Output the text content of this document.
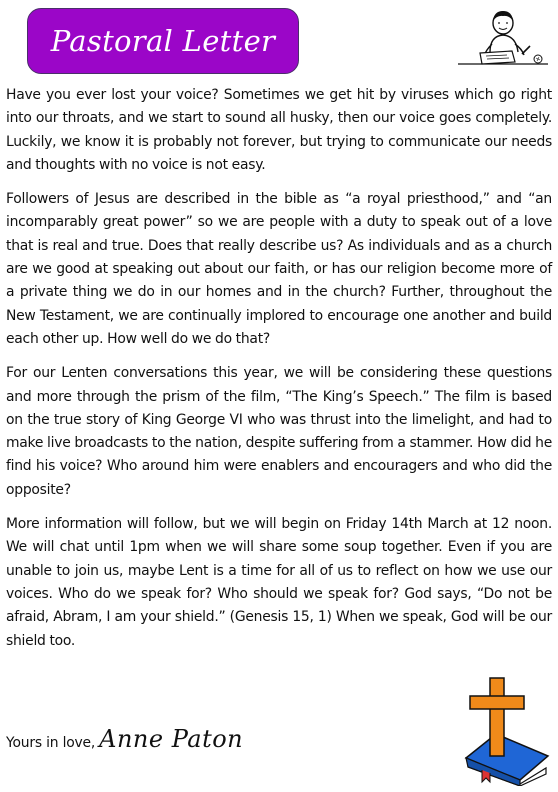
Pastoral Letter

Have you ever lost your voice? Sometimes we get hit by viruses which go right into our throats, and we start to sound all husky, then our voice goes completely. Luckily, we know it is probably not forever, but trying to communicate our needs and thoughts with no voice is not easy.

Followers of Jesus are described in the bible as “a royal priesthood,” and “an incomparably great power” so we are people with a duty to speak out of a love that is real and true. Does that really describe us? As individuals and as a church are we good at speaking out about our faith, or has our religion become more of a private thing we do in our homes and in the church? Further, throughout the New Testament, we are continually implored to encourage one another and build each other up. How well do we do that?

For our Lenten conversations this year, we will be considering these questions and more through the prism of the film, “The King’s Speech.” The film is based on the true story of King George VI who was thrust into the limelight, and had to make live broadcasts to the nation, despite suffering from a stammer. How did he find his voice? Who around him were enablers and encouragers and who did the opposite?

More information will follow, but we will begin on Friday 14th March at 12 noon. We will chat until 1pm when we will share some soup together. Even if you are unable to join us, maybe Lent is a time for all of us to reflect on how we use our voices. Who do we speak for? Who should we speak for? God says, “Do not be afraid, Abram, I am your shield.” (Genesis 15, 1) When we speak, God will be our shield too.

Yours in love, Anne Paton
